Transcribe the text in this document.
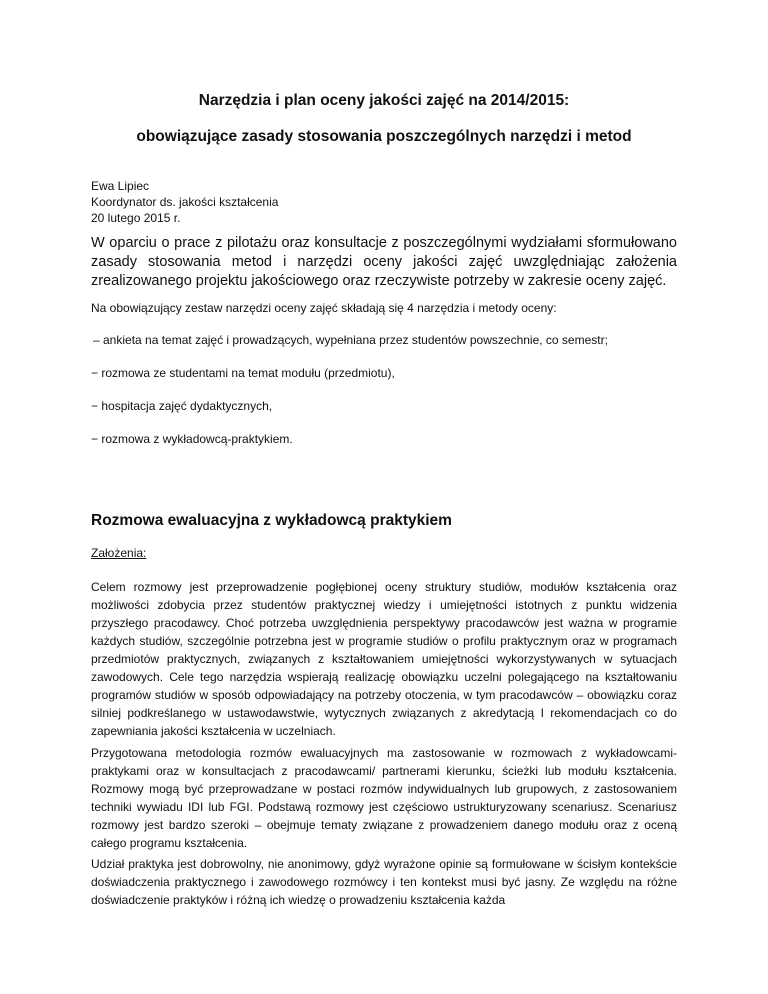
Narzędzia i plan oceny jakości zajęć na 2014/2015:
obowiązujące zasady stosowania poszczególnych narzędzi i metod
Ewa Lipiec
Koordynator ds. jakości kształcenia
20 lutego 2015 r.
W oparciu o prace z pilotażu oraz konsultacje z poszczególnymi wydziałami sformułowano zasady stosowania metod i narzędzi oceny jakości zajęć uwzględniając założenia zrealizowanego projektu jakościowego oraz rzeczywiste potrzeby w zakresie oceny zajęć.
Na obowiązujący zestaw narzędzi oceny zajęć składają się 4 narzędzia i metody oceny:
– ankieta na temat zajęć i prowadzących, wypełniana przez studentów powszechnie, co semestr;
− rozmowa ze studentami na temat modułu (przedmiotu),
− hospitacja zajęć dydaktycznych,
− rozmowa z wykładowcą-praktykiem.
Rozmowa ewaluacyjna z wykładowcą praktykiem
Założenia:
Celem rozmowy jest przeprowadzenie pogłębionej oceny struktury studiów, modułów kształcenia oraz możliwości zdobycia przez studentów praktycznej wiedzy i umiejętności istotnych z punktu widzenia przyszłego pracodawcy. Choć potrzeba uwzględnienia perspektywy pracodawców jest ważna w programie każdych studiów, szczególnie potrzebna jest w programie studiów o profilu praktycznym oraz w programach przedmiotów praktycznych, związanych z kształtowaniem umiejętności wykorzystywanych w sytuacjach zawodowych. Cele tego narzędzia wspierają realizację obowiązku uczelni polegającego na kształtowaniu programów studiów w sposób odpowiadający na potrzeby otoczenia, w tym pracodawców – obowiązku coraz silniej podkreślanego w ustawodawstwie, wytycznych związanych z akredytacją I rekomendacjach co do zapewniania jakości kształcenia w uczelniach.
Przygotowana metodologia rozmów ewaluacyjnych ma zastosowanie w rozmowach z wykładowcami-praktykami oraz w konsultacjach z pracodawcami/ partnerami kierunku, ścieżki lub modułu kształcenia. Rozmowy mogą być przeprowadzane w postaci rozmów indywidualnych lub grupowych, z zastosowaniem techniki wywiadu IDI lub FGI. Podstawą rozmowy jest częściowo ustrukturyzowany scenariusz. Scenariusz rozmowy jest bardzo szeroki – obejmuje tematy związane z prowadzeniem danego modułu oraz z oceną całego programu kształcenia.
Udział praktyka jest dobrowolny, nie anonimowy, gdyż wyrażone opinie są formułowane w ścisłym kontekście doświadczenia praktycznego i zawodowego rozmówcy i ten kontekst musi być jasny. Ze względu na różne doświadczenie praktyków i różną ich wiedzę o prowadzeniu kształcenia każda
